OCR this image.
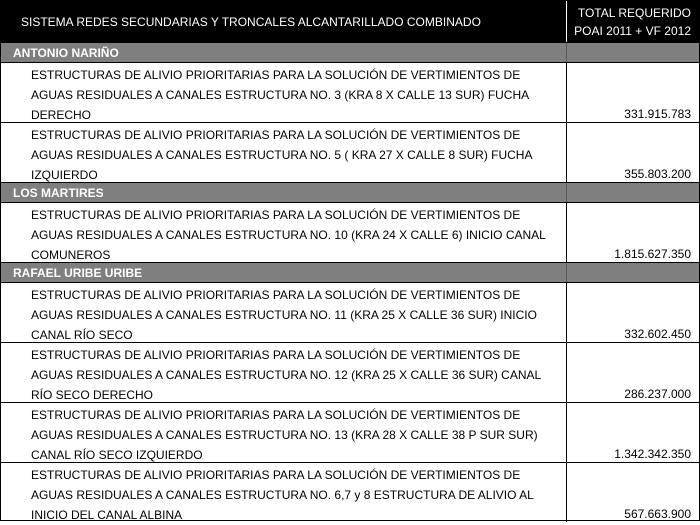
SISTEMA REDES SECUNDARIAS Y TRONCALES ALCANTARILLADO COMBINADO
TOTAL REQUERIDO
POAI 2011 + VF 2012
ANTONIO NARIÑO
ESTRUCTURAS DE ALIVIO PRIORITARIAS PARA LA SOLUCIÓN DE VERTIMIENTOS DE AGUAS RESIDUALES A CANALES ESTRUCTURA NO. 3 (KRA 8 X CALLE 13 SUR) FUCHA DERECHO	331.915.783
ESTRUCTURAS DE ALIVIO PRIORITARIAS PARA LA SOLUCIÓN DE VERTIMIENTOS DE AGUAS RESIDUALES A CANALES ESTRUCTURA NO. 5 ( KRA 27 X CALLE 8 SUR) FUCHA IZQUIERDO	355.803.200
LOS MARTIRES
ESTRUCTURAS DE ALIVIO PRIORITARIAS PARA LA SOLUCIÓN DE VERTIMIENTOS DE AGUAS RESIDUALES A CANALES ESTRUCTURA NO. 10 (KRA 24 X CALLE 6) INICIO CANAL COMUNEROS	1.815.627.350
RAFAEL URIBE URIBE
ESTRUCTURAS DE ALIVIO PRIORITARIAS PARA LA SOLUCIÓN DE VERTIMIENTOS DE AGUAS RESIDUALES A CANALES ESTRUCTURA NO. 11 (KRA 25 X CALLE 36 SUR) INICIO CANAL RÍO SECO	332.602.450
ESTRUCTURAS DE ALIVIO PRIORITARIAS PARA LA SOLUCIÓN DE VERTIMIENTOS DE AGUAS RESIDUALES A CANALES ESTRUCTURA NO. 12 (KRA 25 X CALLE 36 SUR) CANAL RÍO SECO DERECHO	286.237.000
ESTRUCTURAS DE ALIVIO PRIORITARIAS PARA LA SOLUCIÓN DE VERTIMIENTOS DE AGUAS RESIDUALES A CANALES ESTRUCTURA NO. 13 (KRA 28 X CALLE 38 P SUR SUR) CANAL RÍO SECO IZQUIERDO	1.342.342.350
ESTRUCTURAS DE ALIVIO PRIORITARIAS PARA LA SOLUCIÓN DE VERTIMIENTOS DE AGUAS RESIDUALES A CANALES ESTRUCTURA NO. 6,7 y 8 ESTRUCTURA DE ALIVIO AL INICIO DEL CANAL ALBINA	567.663.900
